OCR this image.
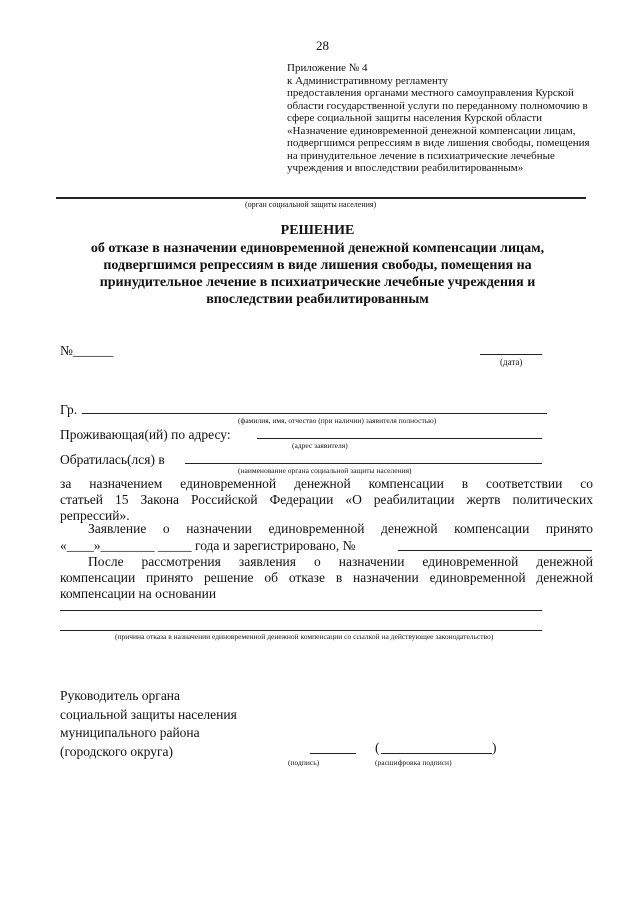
28
Приложение № 4
к Административному регламенту
предоставления органами местного самоуправления Курской
области государственной услуги по переданному полномочию в
сфере социальной защиты населения Курской области
«Назначение единовременной денежной компенсации лицам,
подвергшимся репрессиям в виде лишения свободы, помещения
на принудительное лечение в психиатрические лечебные
учреждения и впоследствии реабилитированным»
(орган социальной защиты населения)
РЕШЕНИЕ
об отказе в назначении единовременной денежной компенсации лицам,
подвергшимся репрессиям в виде лишения свободы, помещения на
принудительное лечение в психиатрические лечебные учреждения и
впоследствии реабилитированным
№______
(дата)
Гр.
(фамилия, имя, отчество (при наличии) заявителя полностью)
Проживающая(ий) по адресу:
(адрес заявителя)
Обратилась(лся) в
(наименование органа социальной защиты населения)
за назначением единовременной денежной компенсации в соответствии со
статьей 15 Закона Российской Федерации «О реабилитации жертв политических
репрессий».
Заявление о назначении единовременной денежной компенсации принято
«____»________ _____ года и зарегистрировано, №
После рассмотрения заявления о назначении единовременной денежной
компенсации принято решение об отказе в назначении единовременной денежной
компенсации на основании
(причина отказа в назначении единовременной денежной компенсации со ссылкой на действующее законодательство)
Руководитель органа
социальной защиты населения
муниципального района
(городского округа)
(подпись)
(	)
(расшифровка подписи)
